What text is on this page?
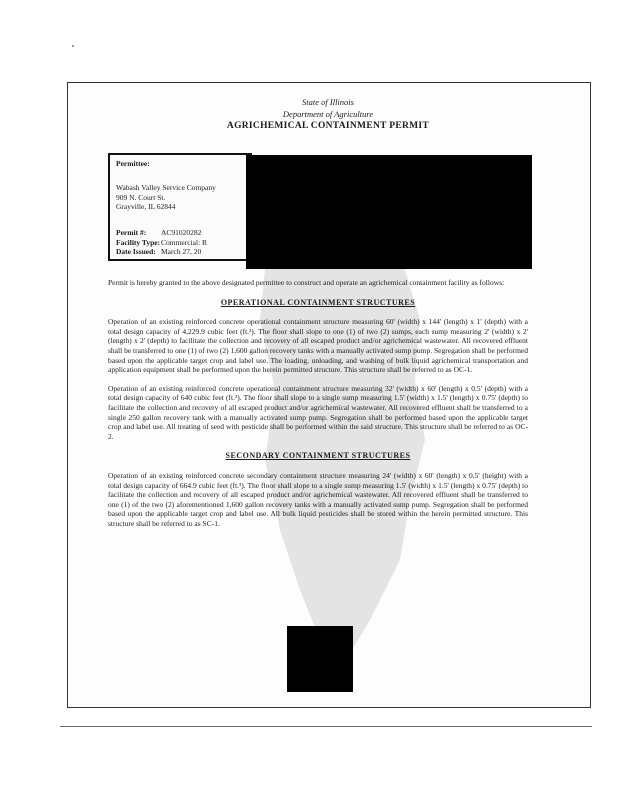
State of Illinois
Department of Agriculture
AGRICHEMICAL CONTAINMENT PERMIT
Permittee:
Wabash Valley Service Company
909 N. Court St.
Grayville, IL 62844
Permit #:	AC91020282
Facility Type: Commercial: R
Date Issued: March 27, 20

Permit is hereby granted to the above designated permittee to construct and operate an agrichemical containment facility as follows:

OPERATIONAL CONTAINMENT STRUCTURES

Operation of an existing reinforced concrete operational containment structure measuring 60' (width) x 144' (length) x 1' (depth) with a total design capacity of 4,229.9 cubic feet (ft.³). The floor shall slope to one (1) of two (2) sumps, each sump measuring 2' (width) x 2' (length) x 2' (depth) to facilitate the collection and recovery of all escaped product and/or agrichemical wastewater. All recovered effluent shall be transferred to one (1) of two (2) 1,600 gallon recovery tanks with a manually activated sump pump. Segregation shall be performed based upon the applicable target crop and label use. The loading, unloading, and washing of bulk liquid agrichemical transportation and application equipment shall be performed upon the herein permitted structure. This structure shall be referred to as OC-1.

Operation of an existing reinforced concrete operational containment structure measuring 32' (width) x 60' (length) x 0.5' (depth) with a total design capacity of 640 cubic feet (ft.³). The floor shall slope to a single sump measuring 1.5' (width) x 1.5' (length) x 0.75' (depth) to facilitate the collection and recovery of all escaped product and/or agrichemical wastewater. All recovered effluent shall be transferred to a single 250 gallon recovery tank with a manually activated sump pump. Segregation shall be performed based upon the applicable target crop and label use. All treating of seed with pesticide shall be performed within the said structure. This structure shall be referred to as OC-2.

SECONDARY CONTAINMENT STRUCTURES

Operation of an existing reinforced concrete secondary containment structure measuring 24' (width) x 60' (length) x 0.5' (height) with a total design capacity of 664.9 cubic feet (ft.³). The floor shall slope to a single sump measuring 1.5' (width) x 1.5' (length) x 0.75' (depth) to facilitate the collection and recovery of all escaped product and/or agrichemical wastewater. All recovered effluent shall be transferred to one (1) of the two (2) aforementioned 1,600 gallon recovery tanks with a manually activated sump pump. Segregation shall be performed based upon the applicable target crop and label use. All bulk liquid pesticides shall be stored within the herein permitted structure. This structure shall be referred to as SC-1.
